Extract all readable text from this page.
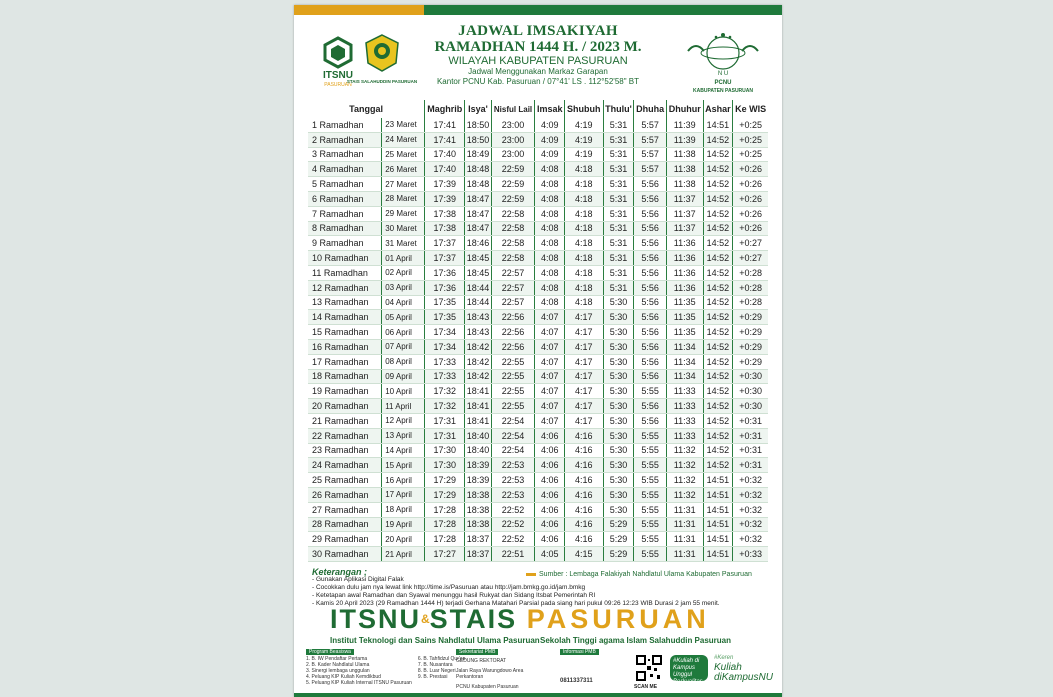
ITSNU
PASURUAN
STAIS SALAHUDDIN PASURUAN
JADWAL IMSAKIYAH
RAMADHAN 1444 H. / 2023 M.
WILAYAH KABUPATEN PASURUAN
Jadwal Menggunakan Markaz Garapan
Kantor PCNU Kab. Pasuruan / 07°41' LS . 112°52'58" BT
N U
PCNU
KABUPATEN PASURUAN
Tanggal		Maghrib	Isya'	Nisful Lail	Imsak	Shubuh	Thulu'	Dhuha	Dhuhur	Ashar	Ke WIS
1 Ramadhan	23 Maret	17:41	18:50	23:00	4:09	4:19	5:31	5:57	11:39	14:51	+0:25
2 Ramadhan	24 Maret	17:41	18:50	23:00	4:09	4:19	5:31	5:57	11:39	14:52	+0:25
3 Ramadhan	25 Maret	17:40	18:49	23:00	4:09	4:19	5:31	5:57	11:38	14:52	+0:25
4 Ramadhan	26 Maret	17:40	18:48	22:59	4:08	4:18	5:31	5:57	11:38	14:52	+0:26
5 Ramadhan	27 Maret	17:39	18:48	22:59	4:08	4:18	5:31	5:56	11:38	14:52	+0:26
6 Ramadhan	28 Maret	17:39	18:47	22:59	4:08	4:18	5:31	5:56	11:37	14:52	+0:26
7 Ramadhan	29 Maret	17:38	18:47	22:58	4:08	4:18	5:31	5:56	11:37	14:52	+0:26
8 Ramadhan	30 Maret	17:38	18:47	22:58	4:08	4:18	5:31	5:56	11:37	14:52	+0:26
9 Ramadhan	31 Maret	17:37	18:46	22:58	4:08	4:18	5:31	5:56	11:36	14:52	+0:27
10 Ramadhan	01 April	17:37	18:45	22:58	4:08	4:18	5:31	5:56	11:36	14:52	+0:27
11 Ramadhan	02 April	17:36	18:45	22:57	4:08	4:18	5:31	5:56	11:36	14:52	+0:28
12 Ramadhan	03 April	17:36	18:44	22:57	4:08	4:18	5:31	5:56	11:36	14:52	+0:28
13 Ramadhan	04 April	17:35	18:44	22:57	4:08	4:18	5:30	5:56	11:35	14:52	+0:28
14 Ramadhan	05 April	17:35	18:43	22:56	4:07	4:17	5:30	5:56	11:35	14:52	+0:29
15 Ramadhan	06 April	17:34	18:43	22:56	4:07	4:17	5:30	5:56	11:35	14:52	+0:29
16 Ramadhan	07 April	17:34	18:42	22:56	4:07	4:17	5:30	5:56	11:34	14:52	+0:29
17 Ramadhan	08 April	17:33	18:42	22:55	4:07	4:17	5:30	5:56	11:34	14:52	+0:29
18 Ramadhan	09 April	17:33	18:42	22:55	4:07	4:17	5:30	5:56	11:34	14:52	+0:30
19 Ramadhan	10 April	17:32	18:41	22:55	4:07	4:17	5:30	5:55	11:33	14:52	+0:30
20 Ramadhan	11 April	17:32	18:41	22:55	4:07	4:17	5:30	5:56	11:33	14:52	+0:30
21 Ramadhan	12 April	17:31	18:41	22:54	4:07	4:17	5:30	5:56	11:33	14:52	+0:31
22 Ramadhan	13 April	17:31	18:40	22:54	4:06	4:16	5:30	5:55	11:33	14:52	+0:31
23 Ramadhan	14 April	17:30	18:40	22:54	4:06	4:16	5:30	5:55	11:32	14:52	+0:31
24 Ramadhan	15 April	17:30	18:39	22:53	4:06	4:16	5:30	5:55	11:32	14:52	+0:31
25 Ramadhan	16 April	17:29	18:39	22:53	4:06	4:16	5:30	5:55	11:32	14:51	+0:32
26 Ramadhan	17 April	17:29	18:38	22:53	4:06	4:16	5:30	5:55	11:32	14:51	+0:32
27 Ramadhan	18 April	17:28	18:38	22:52	4:06	4:16	5:30	5:55	11:31	14:51	+0:32
28 Ramadhan	19 April	17:28	18:38	22:52	4:06	4:16	5:29	5:55	11:31	14:51	+0:32
29 Ramadhan	20 April	17:28	18:37	22:52	4:06	4:16	5:29	5:55	11:31	14:51	+0:32
30 Ramadhan	21 April	17:27	18:37	22:51	4:05	4:15	5:29	5:55	11:31	14:51	+0:33
Keterangan ;
- Gunakan Aplikasi Digital Falak
- Cocokkan dulu jam nya lewat link http://time.is/Pasuruan atau http://jam.bmkg.go.id/jam.bmkg
- Ketetapan awal Ramadhan dan Syawal menunggu hasil Rukyat dan Sidang Itsbat Pemerintah RI
- Kamis 20 April 2023 (29 Ramadhan 1444 H) terjadi Gerhana Matahari Parsial pada siang hari pukul 09:26 12:23 WIB Durasi 2 jam 55 menit.
Sumber : Lembaga Falakiyah Nahdlatul Ulama Kabupaten Pasuruan
ITSNU&STAIS PASURUAN
Institut Teknologi dan Sains Nahdlatul Ulama Pasuruan Sekolah Tinggi agama Islam Salahuddin Pasuruan
Program Beasiswa
1. B. IW Pendaftar Pertama
2. B. Kader Nahdlatul Ulama
3. Sinergi lembaga unggulan
4. Peluang KIP Kuliah Kemdikbud
5. Peluang KIP Kuliah Internal ITSNU Pasuruan
6. B. Tahfidzul Qur'an
7. B. Nusantara
8. B. Luar Negeri
9. B. Prestasi
Sekretariat PMB
GEDUNG REKTORAT
Jalan Raya Warungdowo Area Perkantoran
PCNU Kabupaten Pasuruan
Informasi PMB
0811337311
SCAN ME
#Kuliah di Kampus Unggul Berkualitas
#Keren
Kuliah
diKampusNU
